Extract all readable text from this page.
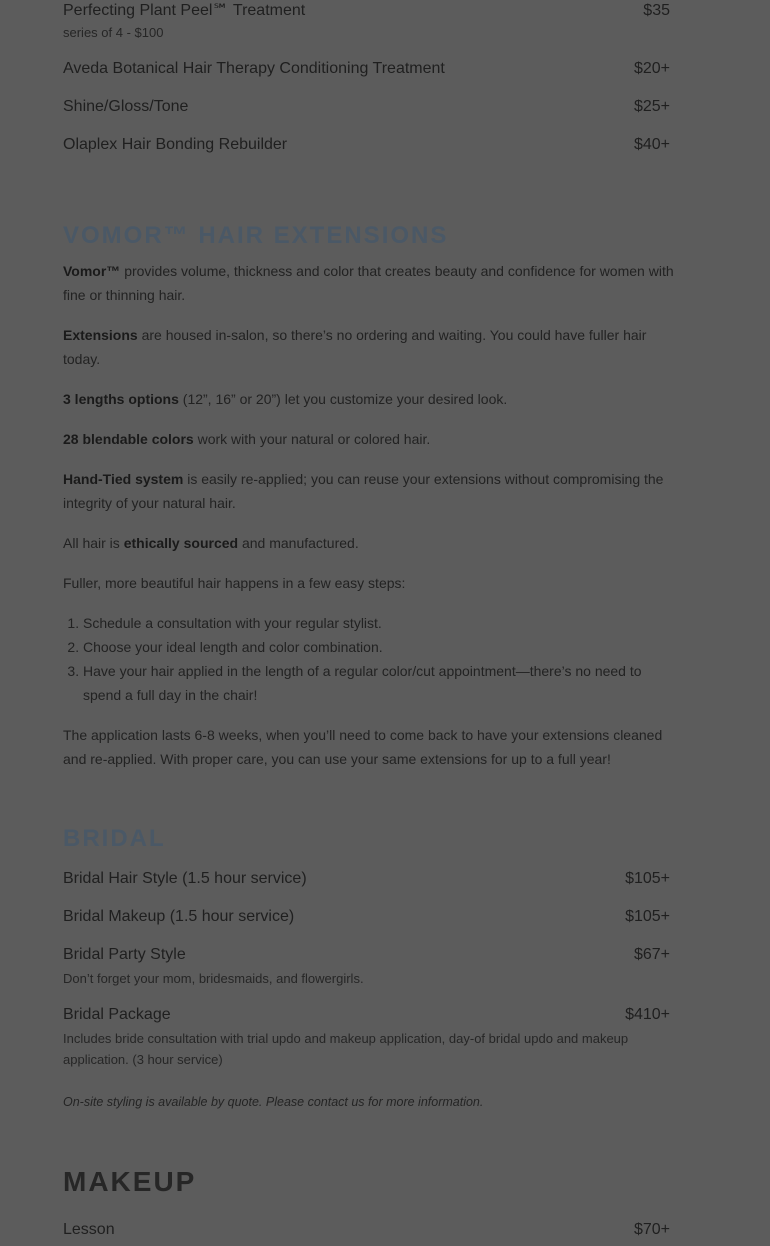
Perfecting Plant Peel℠ Treatment	$35
series of 4 - $100
Aveda Botanical Hair Therapy Conditioning Treatment	$20+
Shine/Gloss/Tone	$25+
Olaplex Hair Bonding Rebuilder	$40+
VOMOR™ HAIR EXTENSIONS

Vomor™ provides volume, thickness and color that creates beauty and confidence for women with fine or thinning hair.

Extensions are housed in-salon, so there’s no ordering and waiting. You could have fuller hair today.

3 lengths options (12”, 16” or 20”) let you customize your desired look.

28 blendable colors work with your natural or colored hair.

Hand-Tied system is easily re-applied; you can reuse your extensions without compromising the integrity of your natural hair.

All hair is ethically sourced and manufactured.

Fuller, more beautiful hair happens in a few easy steps:

1. Schedule a consultation with your regular stylist.
2. Choose your ideal length and color combination.
3. Have your hair applied in the length of a regular color/cut appointment—there’s no need to spend a full day in the chair!

The application lasts 6-8 weeks, when you’ll need to come back to have your extensions cleaned and re-applied. With proper care, you can use your same extensions for up to a full year!

BRIDAL
Bridal Hair Style (1.5 hour service)	$105+
Bridal Makeup (1.5 hour service)	$105+
Bridal Party Style	$67+
Don’t forget your mom, bridesmaids, and flowergirls.
Bridal Package	$410+
Includes bride consultation with trial updo and makeup application, day-of bridal updo and makeup application. (3 hour service)
On-site styling is available by quote. Please contact us for more information.
MAKEUP
Lesson	$70+
